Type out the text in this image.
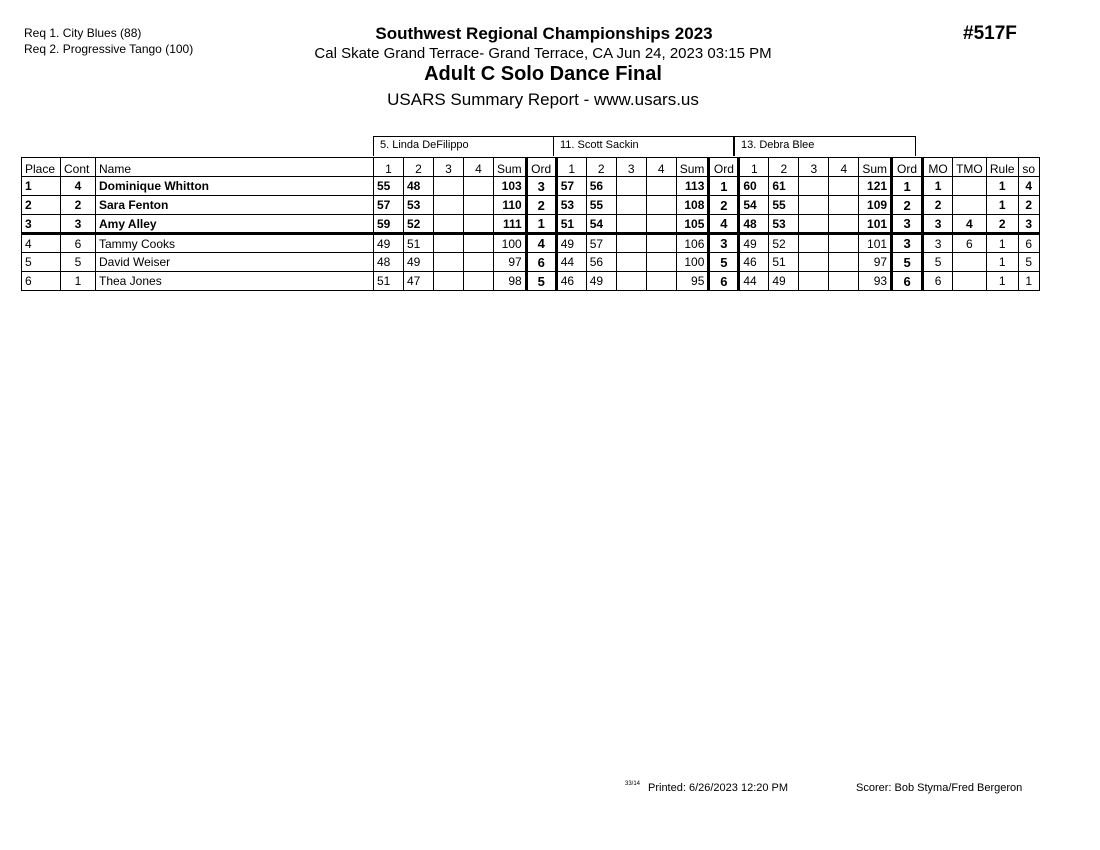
Req 1. City Blues (88)
Req 2. Progressive Tango (100)
Southwest Regional Championships 2023
Cal Skate Grand Terrace- Grand Terrace, CA Jun 24, 2023 03:15 PM
Adult C Solo Dance Final
USARS Summary Report - www.usars.us
#517F
5. Linda DeFilippo	11. Scott Sackin	13. Debra Blee
Place	Cont	Name	1	2	3	4	Sum	Ord	1	2	3	4	Sum	Ord	1	2	3	4	Sum	Ord	MO	TMO	Rule	so
1	4	Dominique Whitton	55	48			103	3	57	56			113	1	60	61			121	1	1		1	4
2	2	Sara Fenton	57	53			110	2	53	55			108	2	54	55			109	2	2		1	2
3	3	Amy Alley	59	52			111	1	51	54			105	4	48	53			101	3	3	4	2	3
4	6	Tammy Cooks	49	51			100	4	49	57			106	3	49	52			101	3	3	6	1	6
5	5	David Weiser	48	49			97	6	44	56			100	5	46	51			97	5	5		1	5
6	1	Thea Jones	51	47			98	5	46	49			95	6	44	49			93	6	6		1	1
33/14 Printed: 6/26/2023 12:20 PM	Scorer: Bob Styma/Fred Bergeron
